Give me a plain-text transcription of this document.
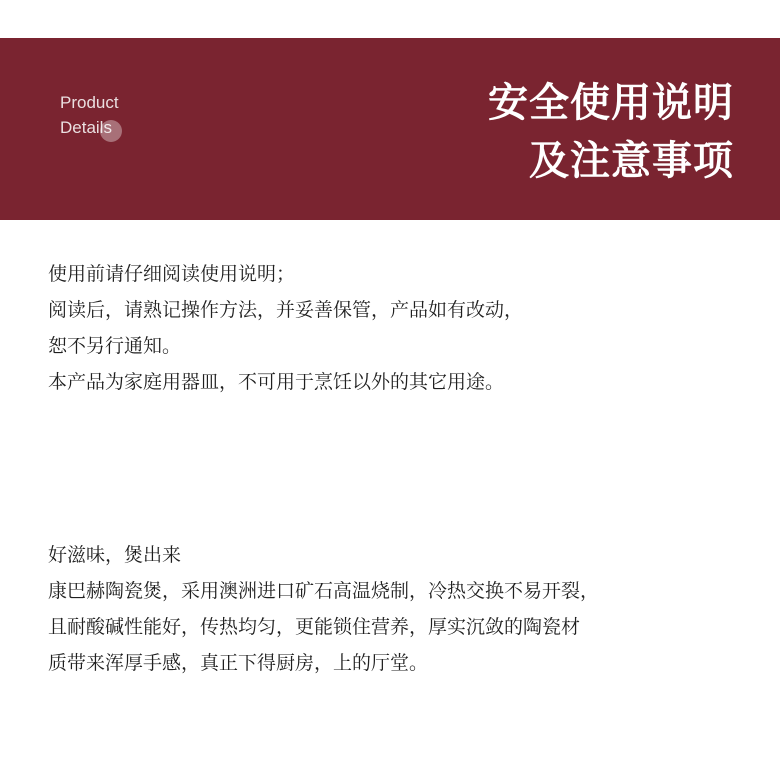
Product
Details
安全使用说明
及注意事项
使用前请仔细阅读使用说明；
阅读后，请熟记操作方法，并妥善保管，产品如有改动，
恕不另行通知。
本产品为家庭用器皿，不可用于烹饪以外的其它用途。
好滋味，煲出来
康巴赫陶瓷煲，采用澳洲进口矿石高温烧制，冷热交换不易开裂，
且耐酸碱性能好，传热均匀，更能锁住营养，厚实沉敛的陶瓷材
质带来浑厚手感，真正下得厨房，上的厅堂。
